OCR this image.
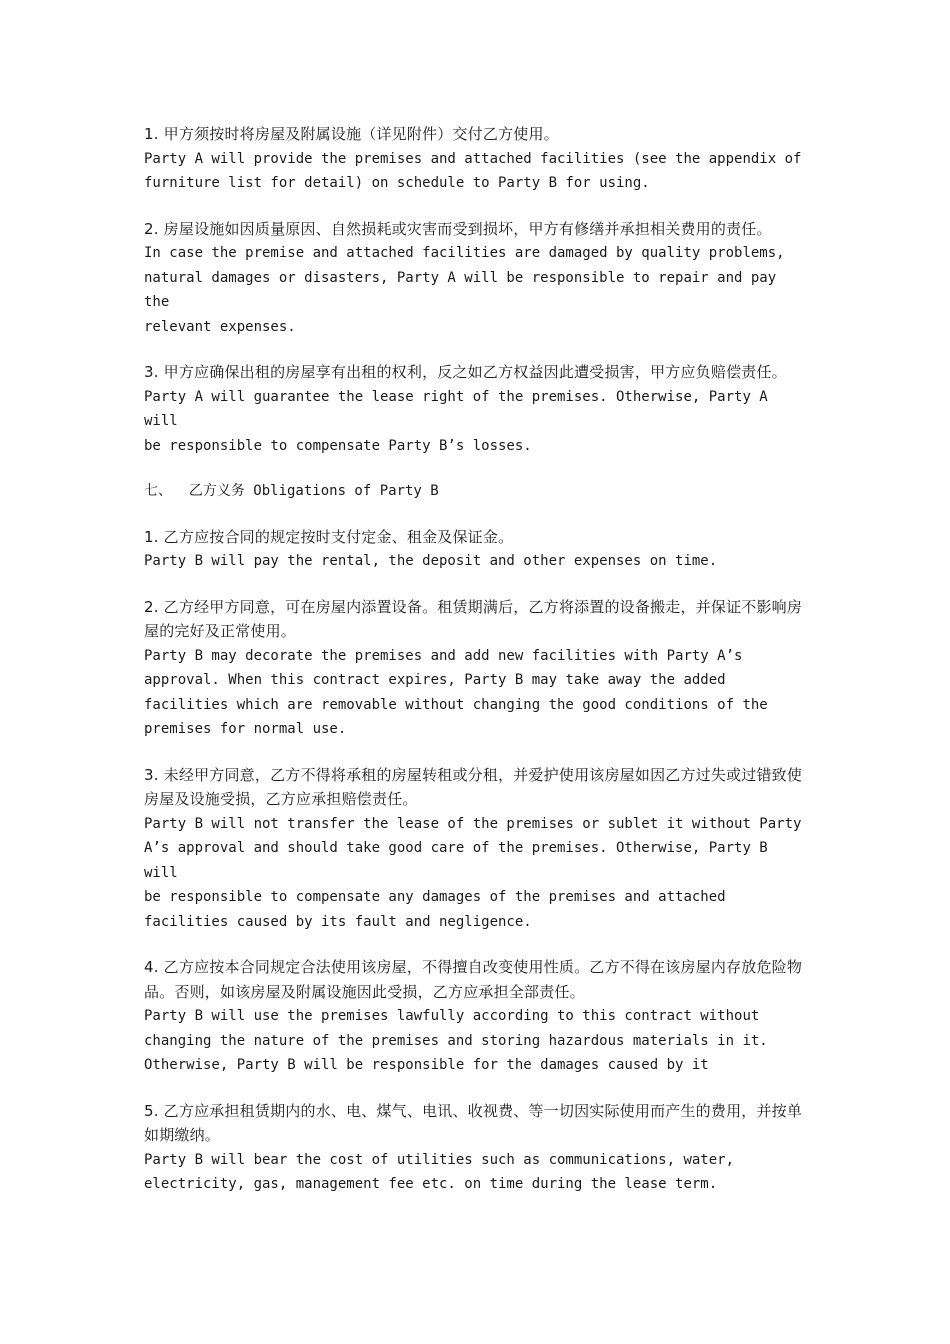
1. 甲方须按时将房屋及附属设施（详见附件）交付乙方使用。

Party A will provide the premises and attached facilities (see the appendix of

furniture list for detail) on schedule to Party B for using.

2. 房屋设施如因质量原因、自然损耗或灾害而受到损坏，甲方有修缮并承担相关费用的责任。

In case the premise and attached facilities are damaged by quality problems,

natural damages or disasters, Party A will be responsible to repair and pay the

relevant expenses.

3. 甲方应确保出租的房屋享有出租的权利，反之如乙方权益因此遭受损害，甲方应负赔偿责任。

Party A will guarantee the lease right of the premises. Otherwise, Party A will

be responsible to compensate Party B’s losses.

七、  乙方义务 Obligations of Party B

1. 乙方应按合同的规定按时支付定金、租金及保证金。

Party B will pay the rental, the deposit and other expenses on time.

2. 乙方经甲方同意，可在房屋内添置设备。租赁期满后，乙方将添置的设备搬走，并保证不影响房屋的完好及正常使用。

Party B may decorate the premises and add new facilities with Party A’s

approval. When this contract expires, Party B may take away the added

facilities which are removable without changing the good conditions of the

premises for normal use.

3. 未经甲方同意，乙方不得将承租的房屋转租或分租，并爱护使用该房屋如因乙方过失或过错致使房屋及设施受损，乙方应承担赔偿责任。

Party B will not transfer the lease of the premises or sublet it without Party

A’s approval and should take good care of the premises. Otherwise, Party B will

be responsible to compensate any damages of the premises and attached

facilities caused by its fault and negligence.

4. 乙方应按本合同规定合法使用该房屋，不得擅自改变使用性质。乙方不得在该房屋内存放危险物品。否则，如该房屋及附属设施因此受损，乙方应承担全部责任。

Party B will use the premises lawfully according to this contract without

changing the nature of the premises and storing hazardous materials in it.

Otherwise, Party B will be responsible for the damages caused by it

5. 乙方应承担租赁期内的水、电、煤气、电讯、收视费、等一切因实际使用而产生的费用，并按单如期缴纳。

Party B will bear the cost of utilities such as communications, water,

electricity, gas, management fee etc. on time during the lease term.
